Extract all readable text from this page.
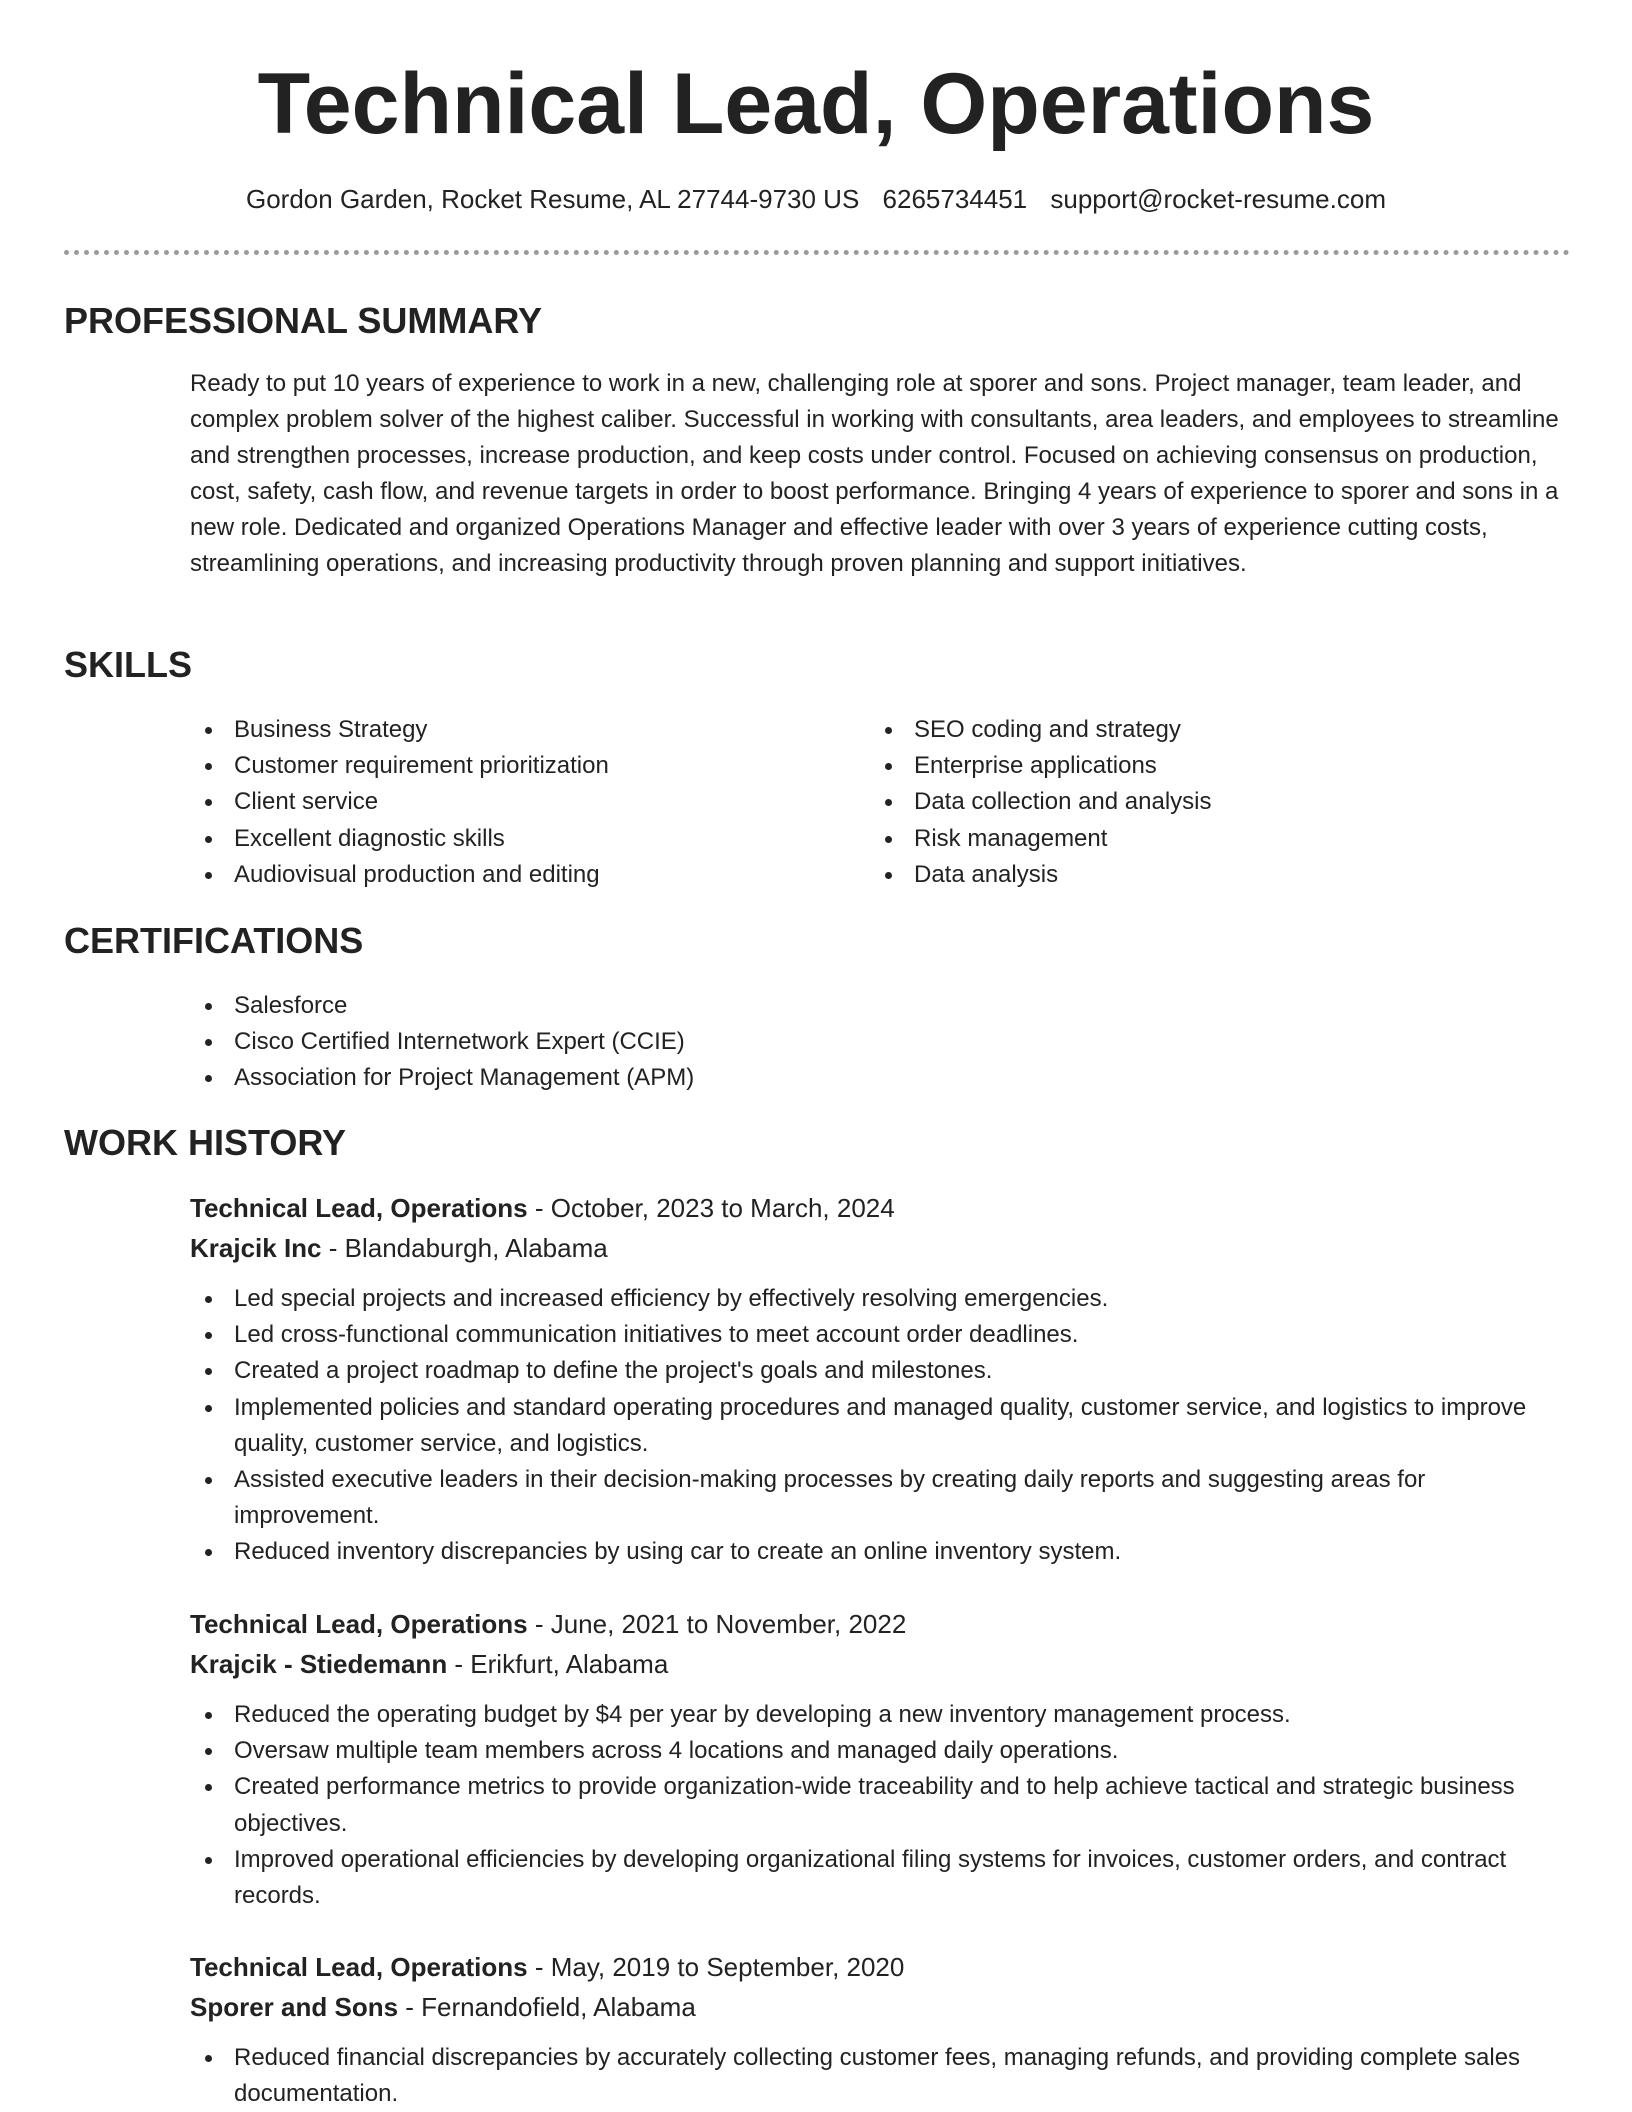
Technical Lead, Operations
Gordon Garden, Rocket Resume, AL 27744-9730 US 6265734451 support@rocket-resume.com
PROFESSIONAL SUMMARY

Ready to put 10 years of experience to work in a new, challenging role at sporer and sons. Project manager, team leader, and complex problem solver of the highest caliber. Successful in working with consultants, area leaders, and employees to streamline and strengthen processes, increase production, and keep costs under control. Focused on achieving consensus on production, cost, safety, cash flow, and revenue targets in order to boost performance. Bringing 4 years of experience to sporer and sons in a new role. Dedicated and organized Operations Manager and effective leader with over 3 years of experience cutting costs, streamlining operations, and increasing productivity through proven planning and support initiatives.

SKILLS
Business Strategy
Customer requirement prioritization
Client service
Excellent diagnostic skills
Audiovisual production and editing
SEO coding and strategy
Enterprise applications
Data collection and analysis
Risk management
Data analysis
CERTIFICATIONS
Salesforce
Cisco Certified Internetwork Expert (CCIE)
Association for Project Management (APM)
WORK HISTORY
Technical Lead, Operations - October, 2023 to March, 2024
Krajcik Inc - Blandaburgh, Alabama
Led special projects and increased efficiency by effectively resolving emergencies.
Led cross-functional communication initiatives to meet account order deadlines.
Created a project roadmap to define the project's goals and milestones.
Implemented policies and standard operating procedures and managed quality, customer service, and logistics to improve quality, customer service, and logistics.
Assisted executive leaders in their decision-making processes by creating daily reports and suggesting areas for improvement.
Reduced inventory discrepancies by using car to create an online inventory system.
Technical Lead, Operations - June, 2021 to November, 2022
Krajcik - Stiedemann - Erikfurt, Alabama
Reduced the operating budget by $4 per year by developing a new inventory management process.
Oversaw multiple team members across 4 locations and managed daily operations.
Created performance metrics to provide organization-wide traceability and to help achieve tactical and strategic business objectives.
Improved operational efficiencies by developing organizational filing systems for invoices, customer orders, and contract records.
Technical Lead, Operations - May, 2019 to September, 2020
Sporer and Sons - Fernandofield, Alabama
Reduced financial discrepancies by accurately collecting customer fees, managing refunds, and providing complete sales documentation.
